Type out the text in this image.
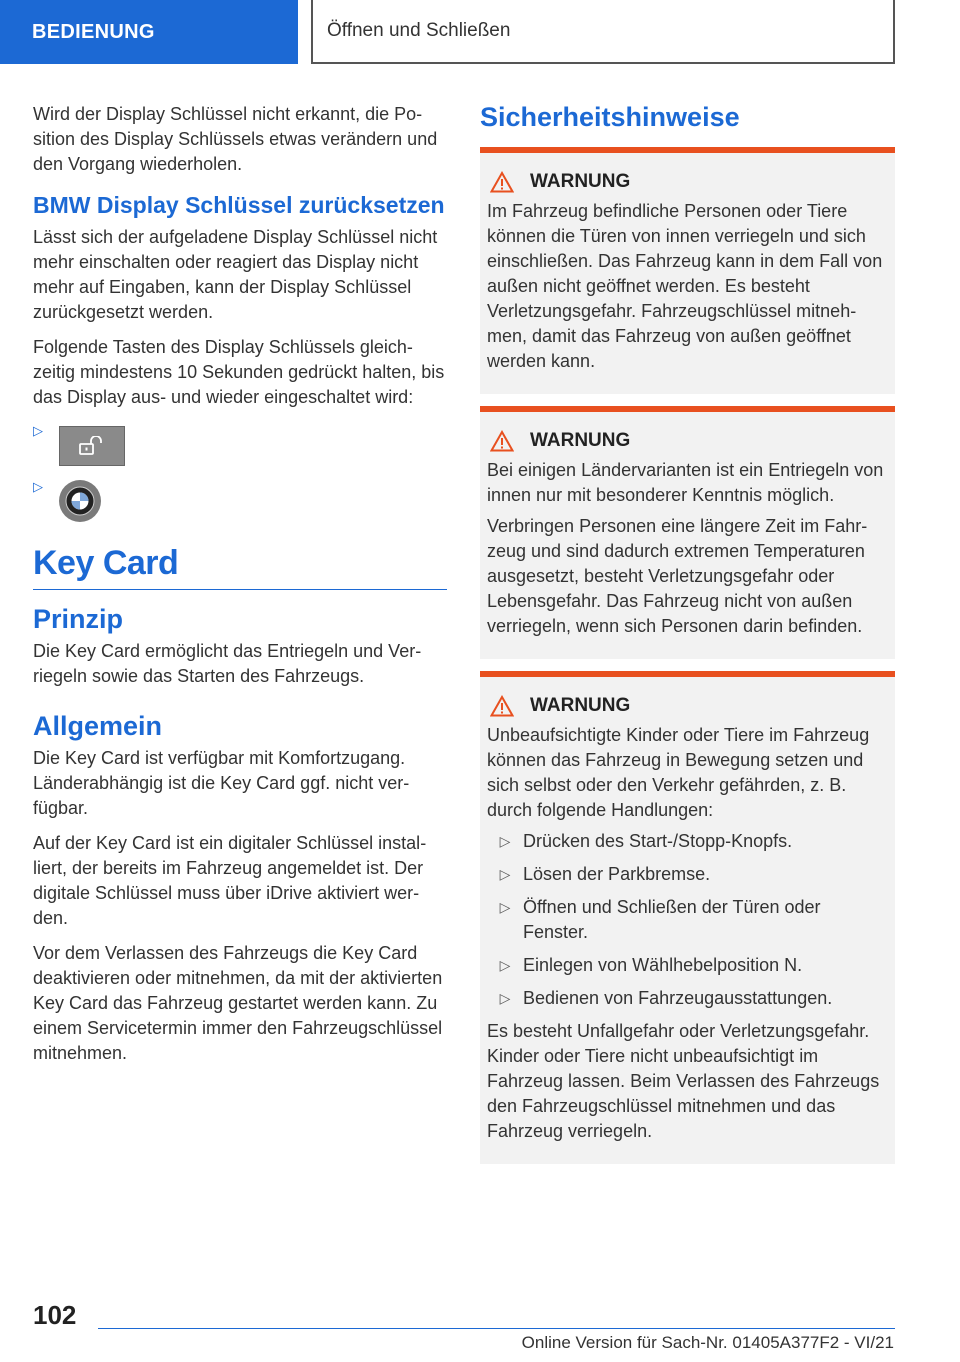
BEDIENUNG	Öffnen und Schließen

Wird der Display Schlüssel nicht erkannt, die Position des Display Schlüssels etwas verändern und den Vorgang wiederholen.

BMW Display Schlüssel zurücksetzen

Lässt sich der aufgeladene Display Schlüssel nicht mehr einschalten oder reagiert das Display nicht mehr auf Eingaben, kann der Display Schlüssel zurückgesetzt werden.

Folgende Tasten des Display Schlüssels gleichzeitig mindestens 10 Sekunden gedrückt halten, bis das Display aus- und wieder eingeschaltet wird:

▷
▷
Key Card
Prinzip

Die Key Card ermöglicht das Entriegeln und Verriegeln sowie das Starten des Fahrzeugs.

Allgemein

Die Key Card ist verfügbar mit Komfortzugang. Länderabhängig ist die Key Card ggf. nicht verfügbar.

Auf der Key Card ist ein digitaler Schlüssel installiert, der bereits im Fahrzeug angemeldet ist. Der digitale Schlüssel muss über iDrive aktiviert werden.

Vor dem Verlassen des Fahrzeugs die Key Card deaktivieren oder mitnehmen, da mit der aktivierten Key Card das Fahrzeug gestartet werden kann. Zu einem Servicetermin immer den Fahrzeugschlüssel mitnehmen.

Sicherheitshinweise
WARNUNG

Im Fahrzeug befindliche Personen oder Tiere können die Türen von innen verriegeln und sich einschließen. Das Fahrzeug kann in dem Fall von außen nicht geöffnet werden. Es besteht Verletzungsgefahr. Fahrzeugschlüssel mitnehmen, damit das Fahrzeug von außen geöffnet werden kann.

WARNUNG

Bei einigen Ländervarianten ist ein Entriegeln von innen nur mit besonderer Kenntnis möglich.

Verbringen Personen eine längere Zeit im Fahrzeug und sind dadurch extremen Temperaturen ausgesetzt, besteht Verletzungsgefahr oder Lebensgefahr. Das Fahrzeug nicht von außen verriegeln, wenn sich Personen darin befinden.

WARNUNG

Unbeaufsichtigte Kinder oder Tiere im Fahrzeug können das Fahrzeug in Bewegung setzen und sich selbst oder den Verkehr gefährden, z. B. durch folgende Handlungen:

▷ Drücken des Start-/Stopp-Knopfs.
▷ Lösen der Parkbremse.
▷ Öffnen und Schließen der Türen oder Fenster.
▷ Einlegen von Wählhebelposition N.
▷ Bedienen von Fahrzeugausstattungen.

Es besteht Unfallgefahr oder Verletzungsgefahr. Kinder oder Tiere nicht unbeaufsichtigt im Fahrzeug lassen. Beim Verlassen des Fahrzeugs den Fahrzeugschlüssel mitnehmen und das Fahrzeug verriegeln.

102
Online Version für Sach-Nr. 01405A377F2 - VI/21
